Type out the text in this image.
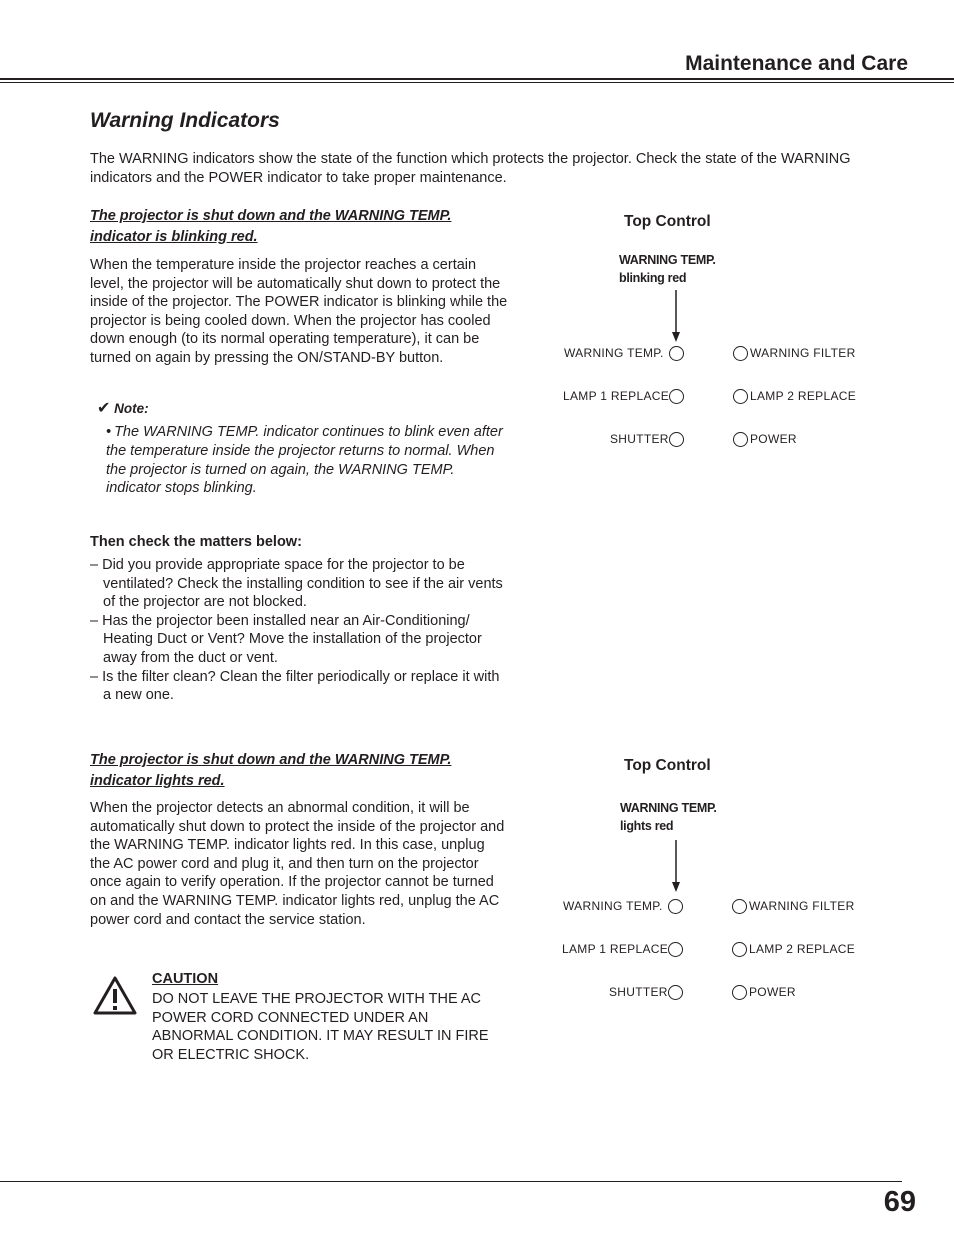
Maintenance and Care
Warning Indicators
The WARNING indicators show the state of the function which protects the projector. Check the state of the WARNING indicators and the POWER indicator to take proper maintenance.
The projector is shut down and the WARNING TEMP.
indicator is blinking red.
When the temperature inside the projector reaches a certain level, the projector will be automatically shut down to protect the inside of the projector. The POWER indicator is blinking while the projector is being cooled down. When the projector has cooled down enough (to its normal operating temperature), it can be turned on again by pressing the ON/STAND-BY button.
✔ Note:
• The WARNING TEMP. indicator continues to blink even after the temperature inside the projector returns to normal. When the projector is turned on again, the WARNING TEMP. indicator stops blinking.
Then check the matters below:
– Did you provide appropriate space for the projector to be ventilated? Check the installing condition to see if the air vents of the projector are not blocked.
– Has the projector been installed near an Air-Conditioning/ Heating Duct or Vent? Move the installation of the projector away from the duct or vent.
– Is the filter clean? Clean the filter periodically or replace it with a new one.
The projector is shut down and the WARNING TEMP.
indicator lights red.
When the projector detects an abnormal condition, it will be automatically shut down to protect the inside of the projector and the WARNING TEMP. indicator lights red. In this case, unplug the AC power cord and plug it, and then turn on the projector once again to verify operation. If the projector cannot be turned on and the WARNING TEMP. indicator lights red, unplug the AC power cord and contact the service station.
CAUTION
DO NOT LEAVE THE PROJECTOR WITH THE AC POWER CORD CONNECTED UNDER AN ABNORMAL CONDITION. IT MAY RESULT IN FIRE OR ELECTRIC SHOCK.
Top Control
WARNING TEMP.
blinking red
WARNING TEMP.	WARNING FILTER
LAMP 1 REPLACE	LAMP 2 REPLACE
SHUTTER	POWER
Top Control
WARNING TEMP.
lights red
WARNING TEMP.	WARNING FILTER
LAMP 1 REPLACE	LAMP 2 REPLACE
SHUTTER	POWER
69
